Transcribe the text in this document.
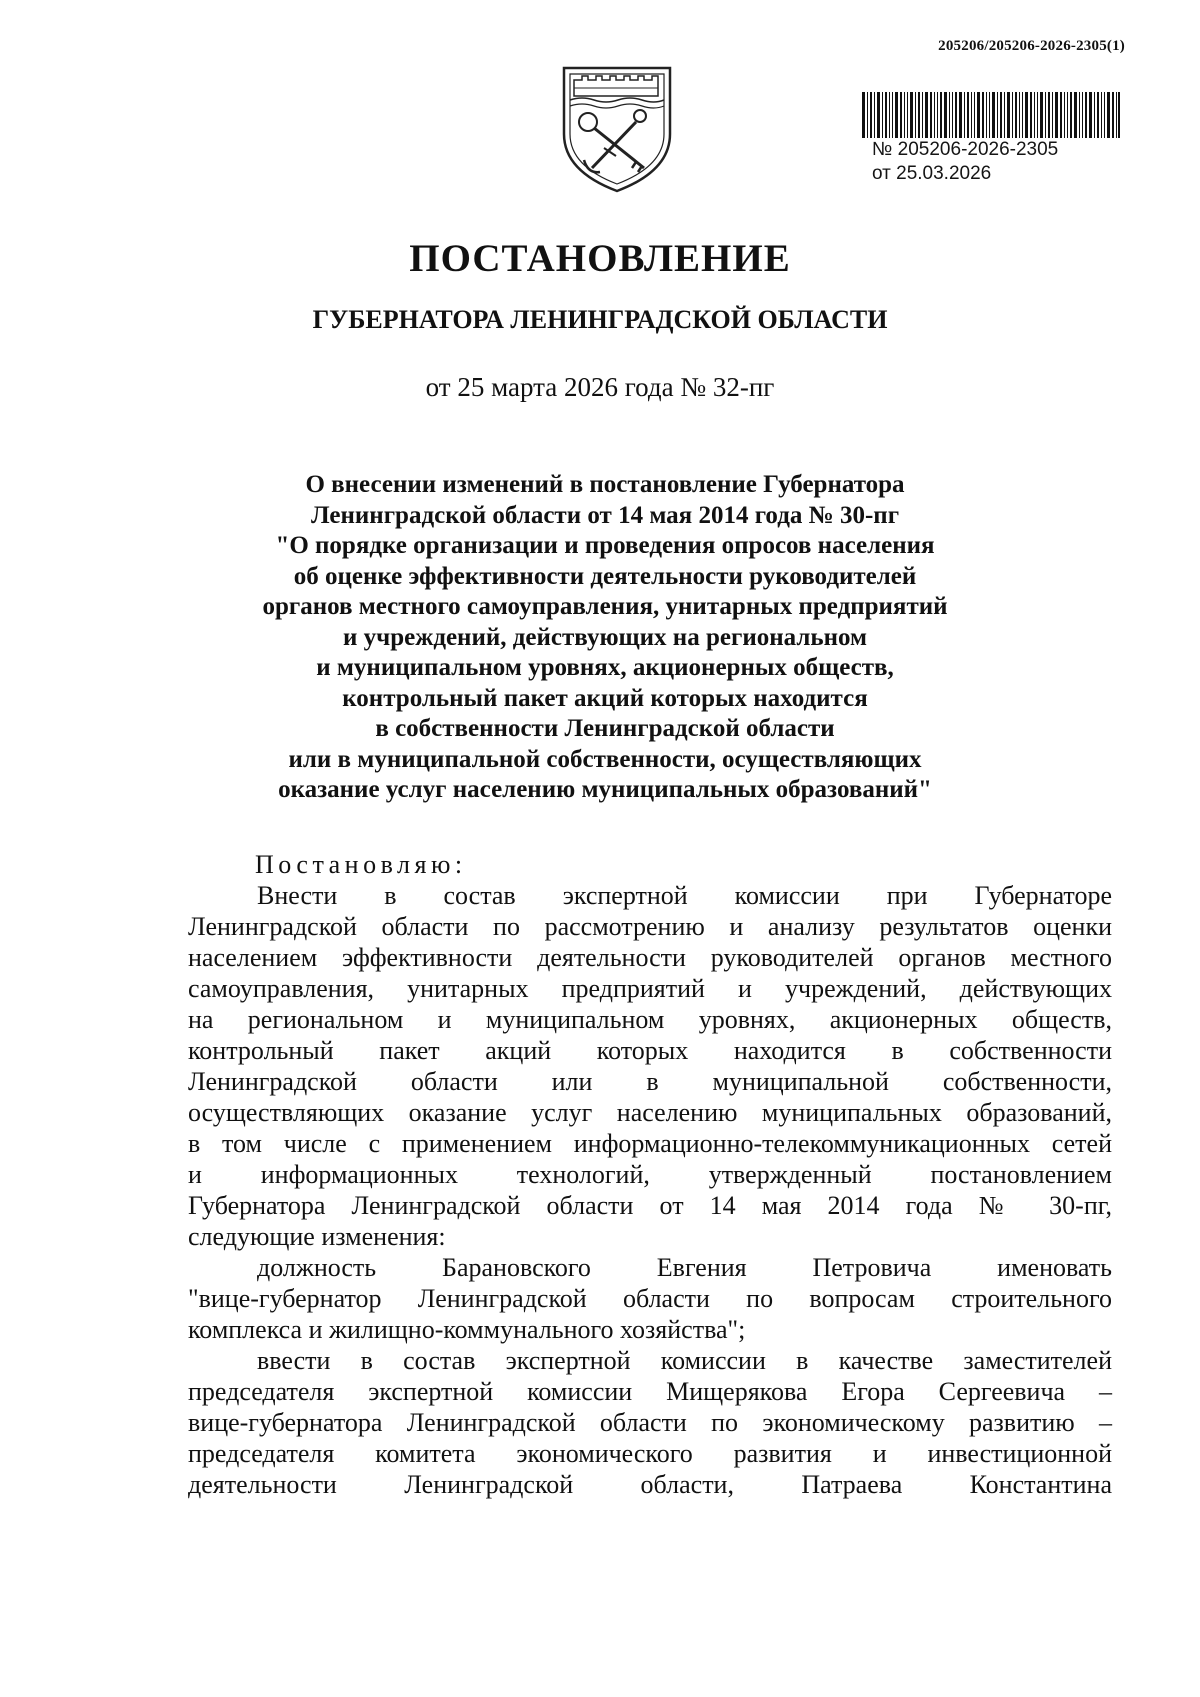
205206/205206-2026-2305(1)
№ 205206-2026-2305
от 25.03.2026
ПОСТАНОВЛЕНИЕ
ГУБЕРНАТОРА ЛЕНИНГРАДСКОЙ ОБЛАСТИ

от 25 марта 2026 года № 32-пг

О внесении изменений в постановление Губернатора
Ленинградской области от 14 мая 2014 года № 30-пг
"О порядке организации и проведения опросов населения
об оценке эффективности деятельности руководителей
органов местного самоуправления, унитарных предприятий
и учреждений, действующих на региональном
и муниципальном уровнях, акционерных обществ,
контрольный пакет акций которых находится
в собственности Ленинградской области
или в муниципальной собственности, осуществляющих
оказание услуг населению муниципальных образований"

Постановляю:

Внести в состав экспертной комиссии при Губернаторе
Ленинградской области по рассмотрению и анализу результатов оценки
населением эффективности деятельности руководителей органов местного
самоуправления, унитарных предприятий и учреждений, действующих
на региональном и муниципальном уровнях, акционерных обществ,
контрольный пакет акций которых находится в собственности
Ленинградской области или в муниципальной собственности,
осуществляющих оказание услуг населению муниципальных образований,
в том числе с применением информационно-телекоммуникационных сетей
и информационных технологий, утвержденный постановлением
Губернатора Ленинградской области от 14 мая 2014 года № 30-пг,
следующие изменения:
должность Барановского Евгения Петровича именовать
"вице-губернатор Ленинградской области по вопросам строительного
комплекса и жилищно-коммунального хозяйства";
ввести в состав экспертной комиссии в качестве заместителей
председателя экспертной комиссии Мищерякова Егора Сергеевича –
вице-губернатора Ленинградской области по экономическому развитию –
председателя комитета экономического развития и инвестиционной
деятельности Ленинградской области, Патраева Константина
